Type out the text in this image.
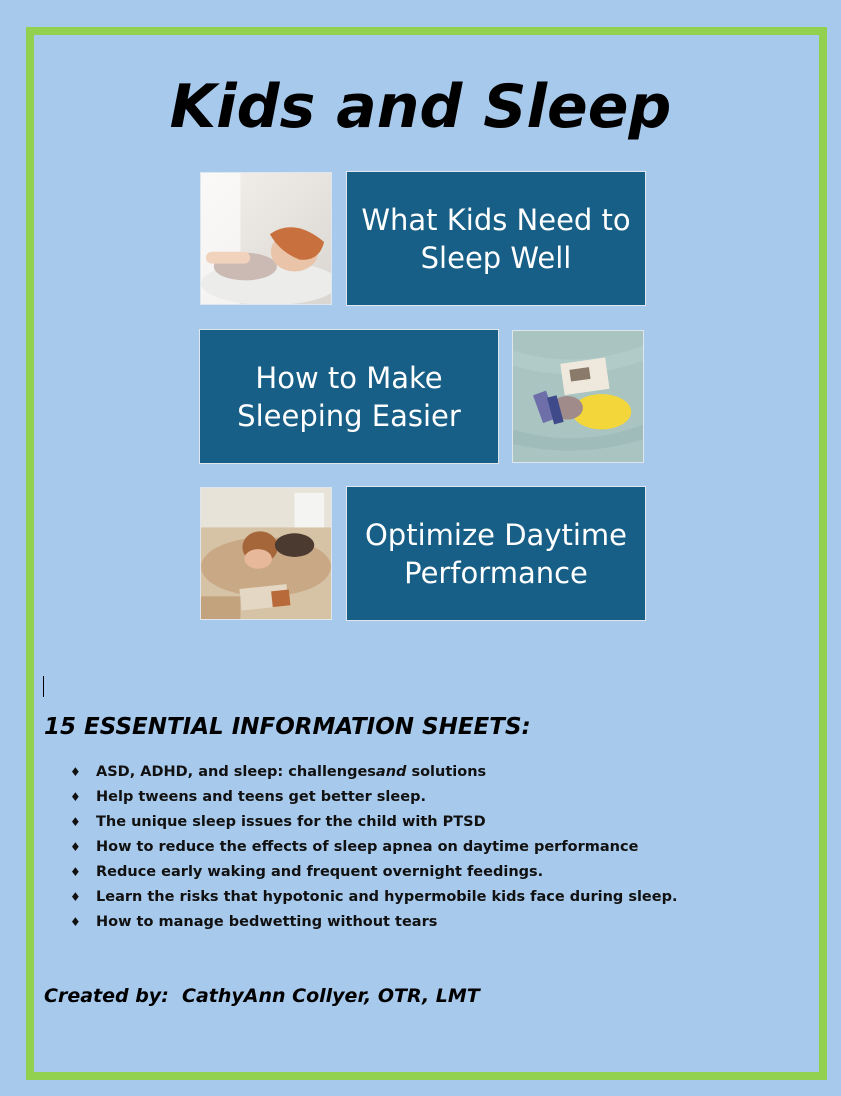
Kids and Sleep
What Kids Need to Sleep Well
How to Make Sleeping Easier
Optimize Daytime Performance
15 ESSENTIAL INFORMATION SHEETS:
♦	ASD, ADHD, and sleep: challenges and solutions
♦	Help tweens and teens get better sleep.
♦	The unique sleep issues for the child with PTSD
♦	How to reduce the effects of sleep apnea on daytime performance
♦	Reduce early waking and frequent overnight feedings.
♦	Learn the risks that hypotonic and hypermobile kids face during sleep.
♦	How to manage bedwetting without tears
Created by:  CathyAnn Collyer, OTR, LMT
